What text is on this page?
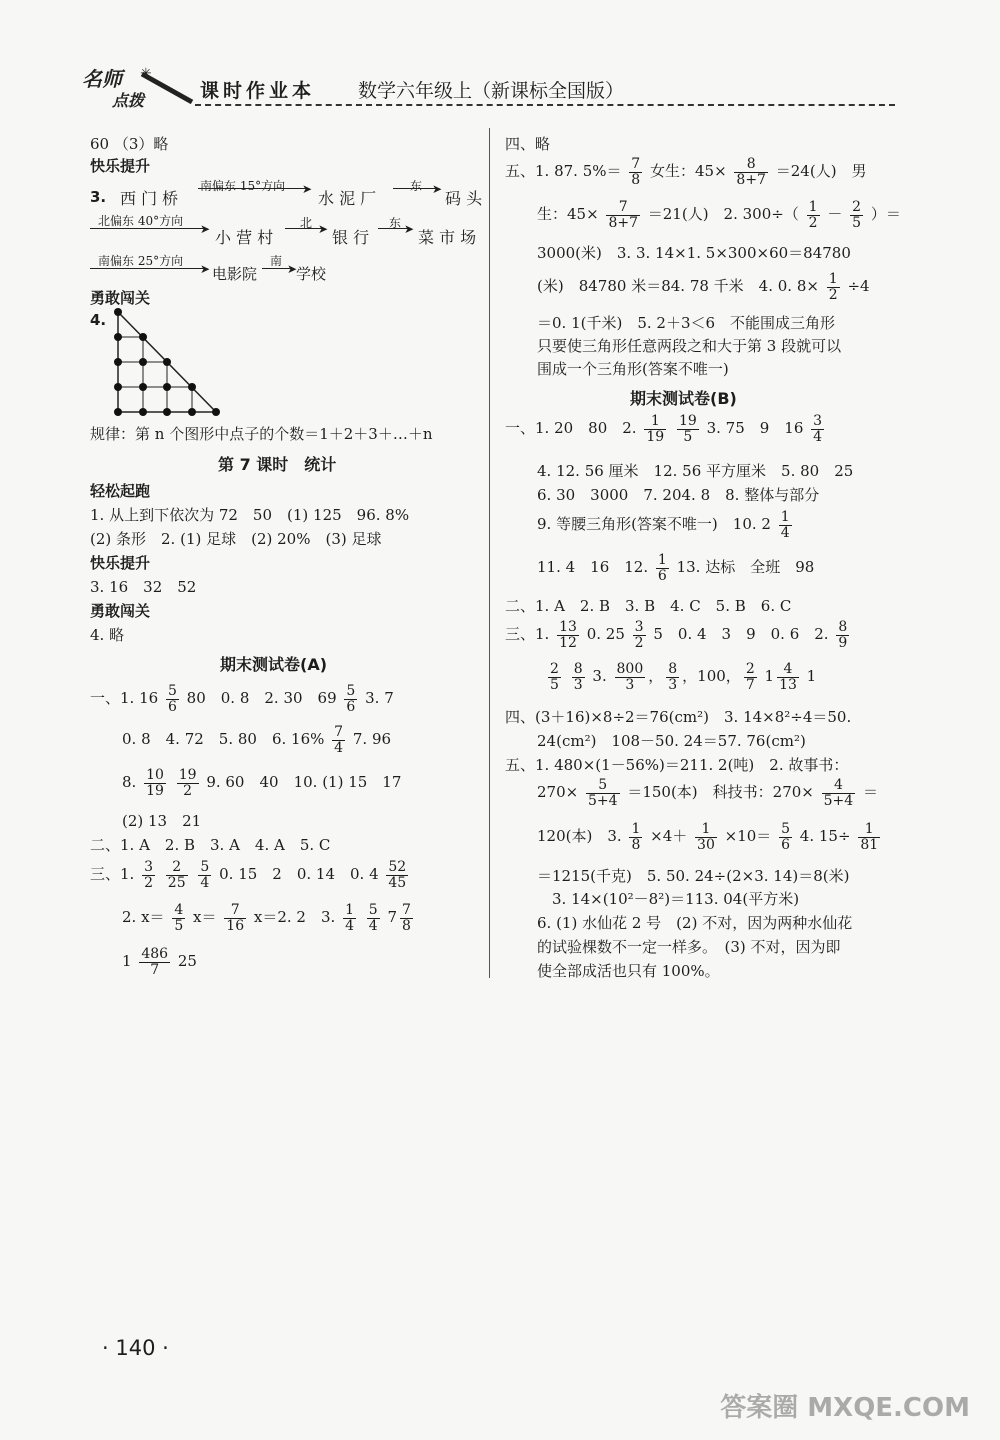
名师
点拨
✳
课时作业本 数学六年级上（新课标全国版）
60 （3）略
快乐提升
3. 西 门 桥
南偏东 15°方向 ➤ 水 泥 厂
东 ➤ 码 头
北偏东 40°方向
➤ 小 营 村
北 ➤ 银 行
东 ➤ 菜 市 场
南偏东 25°方向
➤ 电影院
南
➤
学校
勇敢闯关
4.
规律：第 n 个图形中点子的个数＝1＋2＋3＋…＋n
第 7 课时　统计
轻松起跑
1. 从上到下依次为 72　50　(1) 125　96. 8%
(2) 条形　2. (1) 足球　(2) 20%　(3) 足球
快乐提升
3. 16　32　52
勇敢闯关
4. 略
期末测试卷(A)
一、1. $16 \frac{5}{6} 80$　0. 8　2. 30　$69 \frac{5}{6} 3$. 7
0. 8　4. 72　5. 80　6. $16\% \frac{7}{4} 7$. 96
8. $\frac{10}{19}$
$\frac{19}{2} 9$. 60　40　10. (1) 15　17
(2) 13　21
二、1. A　2. B　3. A　4. A　5. C
三、1. $\frac{3}{2}$
$\frac{2}{25}$
$\frac{5}{4} 0$. 15　2　0. 14　0. $4 \frac{52}{45}$
2. $x= \frac{4}{5} x= \frac{7}{16} x=2$. 2　3. $\frac{1}{4}$
$\frac{5}{4} 7 \frac{7}{8}$
$1 \frac{486}{7} 25$
四、略
五、1. 87. $5\%= \frac{7}{8}$ 女生：$45\times \frac{8}{8+7} =24$(人)　男
生：$45\times \frac{7}{8+7} =21$(人)　2. $300\div( \frac{1}{2} - \frac{2}{5}$ ）＝
3000(米)　3. 3. 14×1. 5×300×60＝84780
(米)　84780 米＝84. 78 千米　4. 0. $8\times \frac{1}{2} \div 4$
＝0. 1(千米)　5. 2＋3＜6　不能围成三角形
只要使三角形任意两段之和大于第 3 段就可以
围成一个三角形(答案不唯一)
期末测试卷(B)
一、1. 20　80　2. $\frac{1}{19}$
$\frac{19}{5} 3$. 75　9　$16 \frac{3}{4}$
4. 12. 56 厘米　12. 56 平方厘米　5. 80　25
6. 30　3000　7. 204. 8　8. 整体与部分
9. 等腰三角形(答案不唯一)　10. $2 \frac{1}{4}$
11. 4　16　12. $\frac{1}{6} 13$. 达标　全班　98
二、1. A　2. B　3. B　4. C　5. B　6. C
三、1. $\frac{13}{12} 0$. $25 \frac{3}{2} 5$　0. 4　3　9　0. 6　2. $\frac{8}{9}$
$\frac{2}{5}$
$\frac{8}{3} 3$. $\frac{800}{3}$ ， $\frac{8}{3}$ ，100， $\frac{2}{7} 1 \frac{4}{13} 1$
四、(3＋16)×8÷2＝76(cm²)　3. 14×8²÷4＝50.
24(cm²)　108－50. 24＝57. 76(cm²)
五、1. 480×(1－56%)＝211. 2(吨)　2. 故事书：
$270\times \frac{5}{5+4} =150$(本)　科技书：$270\times \frac{4}{5+4}$ ＝
120(本)　3. $\frac{1}{8} \times 4+ \frac{1}{30} \times 10= \frac{5}{6} 4$. $15\div \frac{1}{81}$
＝1215(千克)　5. 50. 24÷(2×3. 14)＝8(米)
3. 14×(10²－8²)＝113. 04(平方米)
6. (1) 水仙花 2 号　(2) 不对，因为两种水仙花
的试验棵数不一定一样多。　(3) 不对，因为即
使全部成活也只有 100%。
· 140 ·
答案圈 MXQE.COM
